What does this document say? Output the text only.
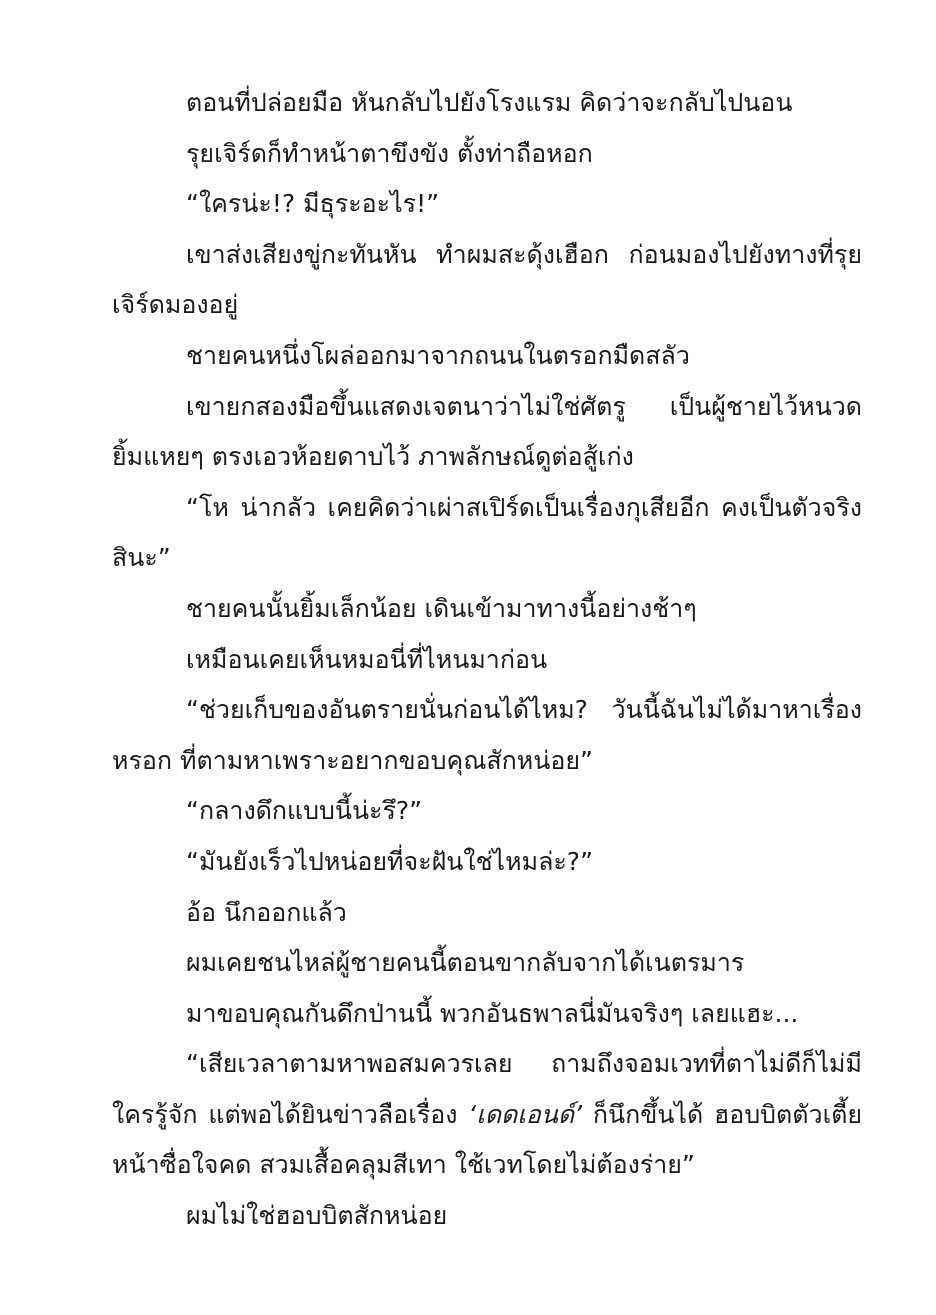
ตอนที่ปล่อยมือ หันกลับไปยังโรงแรม คิดว่าจะกลับไปนอน

รุยเจิร์ดก็ทำหน้าตาขึงขัง ตั้งท่าถือหอก

“ใครน่ะ!? มีธุระอะไร!”

เขาส่งเสียงขู่กะทันหัน ทำผมสะดุ้งเฮือก ก่อนมองไปยังทางที่รุยเจิร์ดมองอยู่

ชายคนหนึ่งโผล่ออกมาจากถนนในตรอกมืดสลัว

เขายกสองมือขึ้นแสดงเจตนาว่าไม่ใช่ศัตรู เป็นผู้ชายไว้หนวด ยิ้มแหยๆ ตรงเอวห้อยดาบไว้ ภาพลักษณ์ดูต่อสู้เก่ง

“โห น่ากลัว เคยคิดว่าเผ่าสเปิร์ดเป็นเรื่องกุเสียอีก คงเป็นตัวจริงสินะ”

ชายคนนั้นยิ้มเล็กน้อย เดินเข้ามาทางนี้อย่างช้าๆ

เหมือนเคยเห็นหมอนี่ที่ไหนมาก่อน

“ช่วยเก็บของอันตรายนั่นก่อนได้ไหม? วันนี้ฉันไม่ได้มาหาเรื่องหรอก ที่ตามหาเพราะอยากขอบคุณสักหน่อย”

“กลางดึกแบบนี้น่ะรึ?”

“มันยังเร็วไปหน่อยที่จะฝันใช่ไหมล่ะ?”

อ้อ นึกออกแล้ว

ผมเคยชนไหล่ผู้ชายคนนี้ตอนขากลับจากได้เนตรมาร

มาขอบคุณกันดึกป่านนี้ พวกอันธพาลนี่มันจริงๆ เลยแฮะ...

“เสียเวลาตามหาพอสมควรเลย ถามถึงจอมเวทที่ตาไม่ดีก็ไม่มีใครรู้จัก แต่พอได้ยินข่าวลือเรื่อง ‘เดดเอนด์’ ก็นึกขึ้นได้ ฮอบบิตตัวเตี้ยหน้าซื่อใจคด สวมเสื้อคลุมสีเทา ใช้เวทโดยไม่ต้องร่าย”

ผมไม่ใช่ฮอบบิตสักหน่อย
